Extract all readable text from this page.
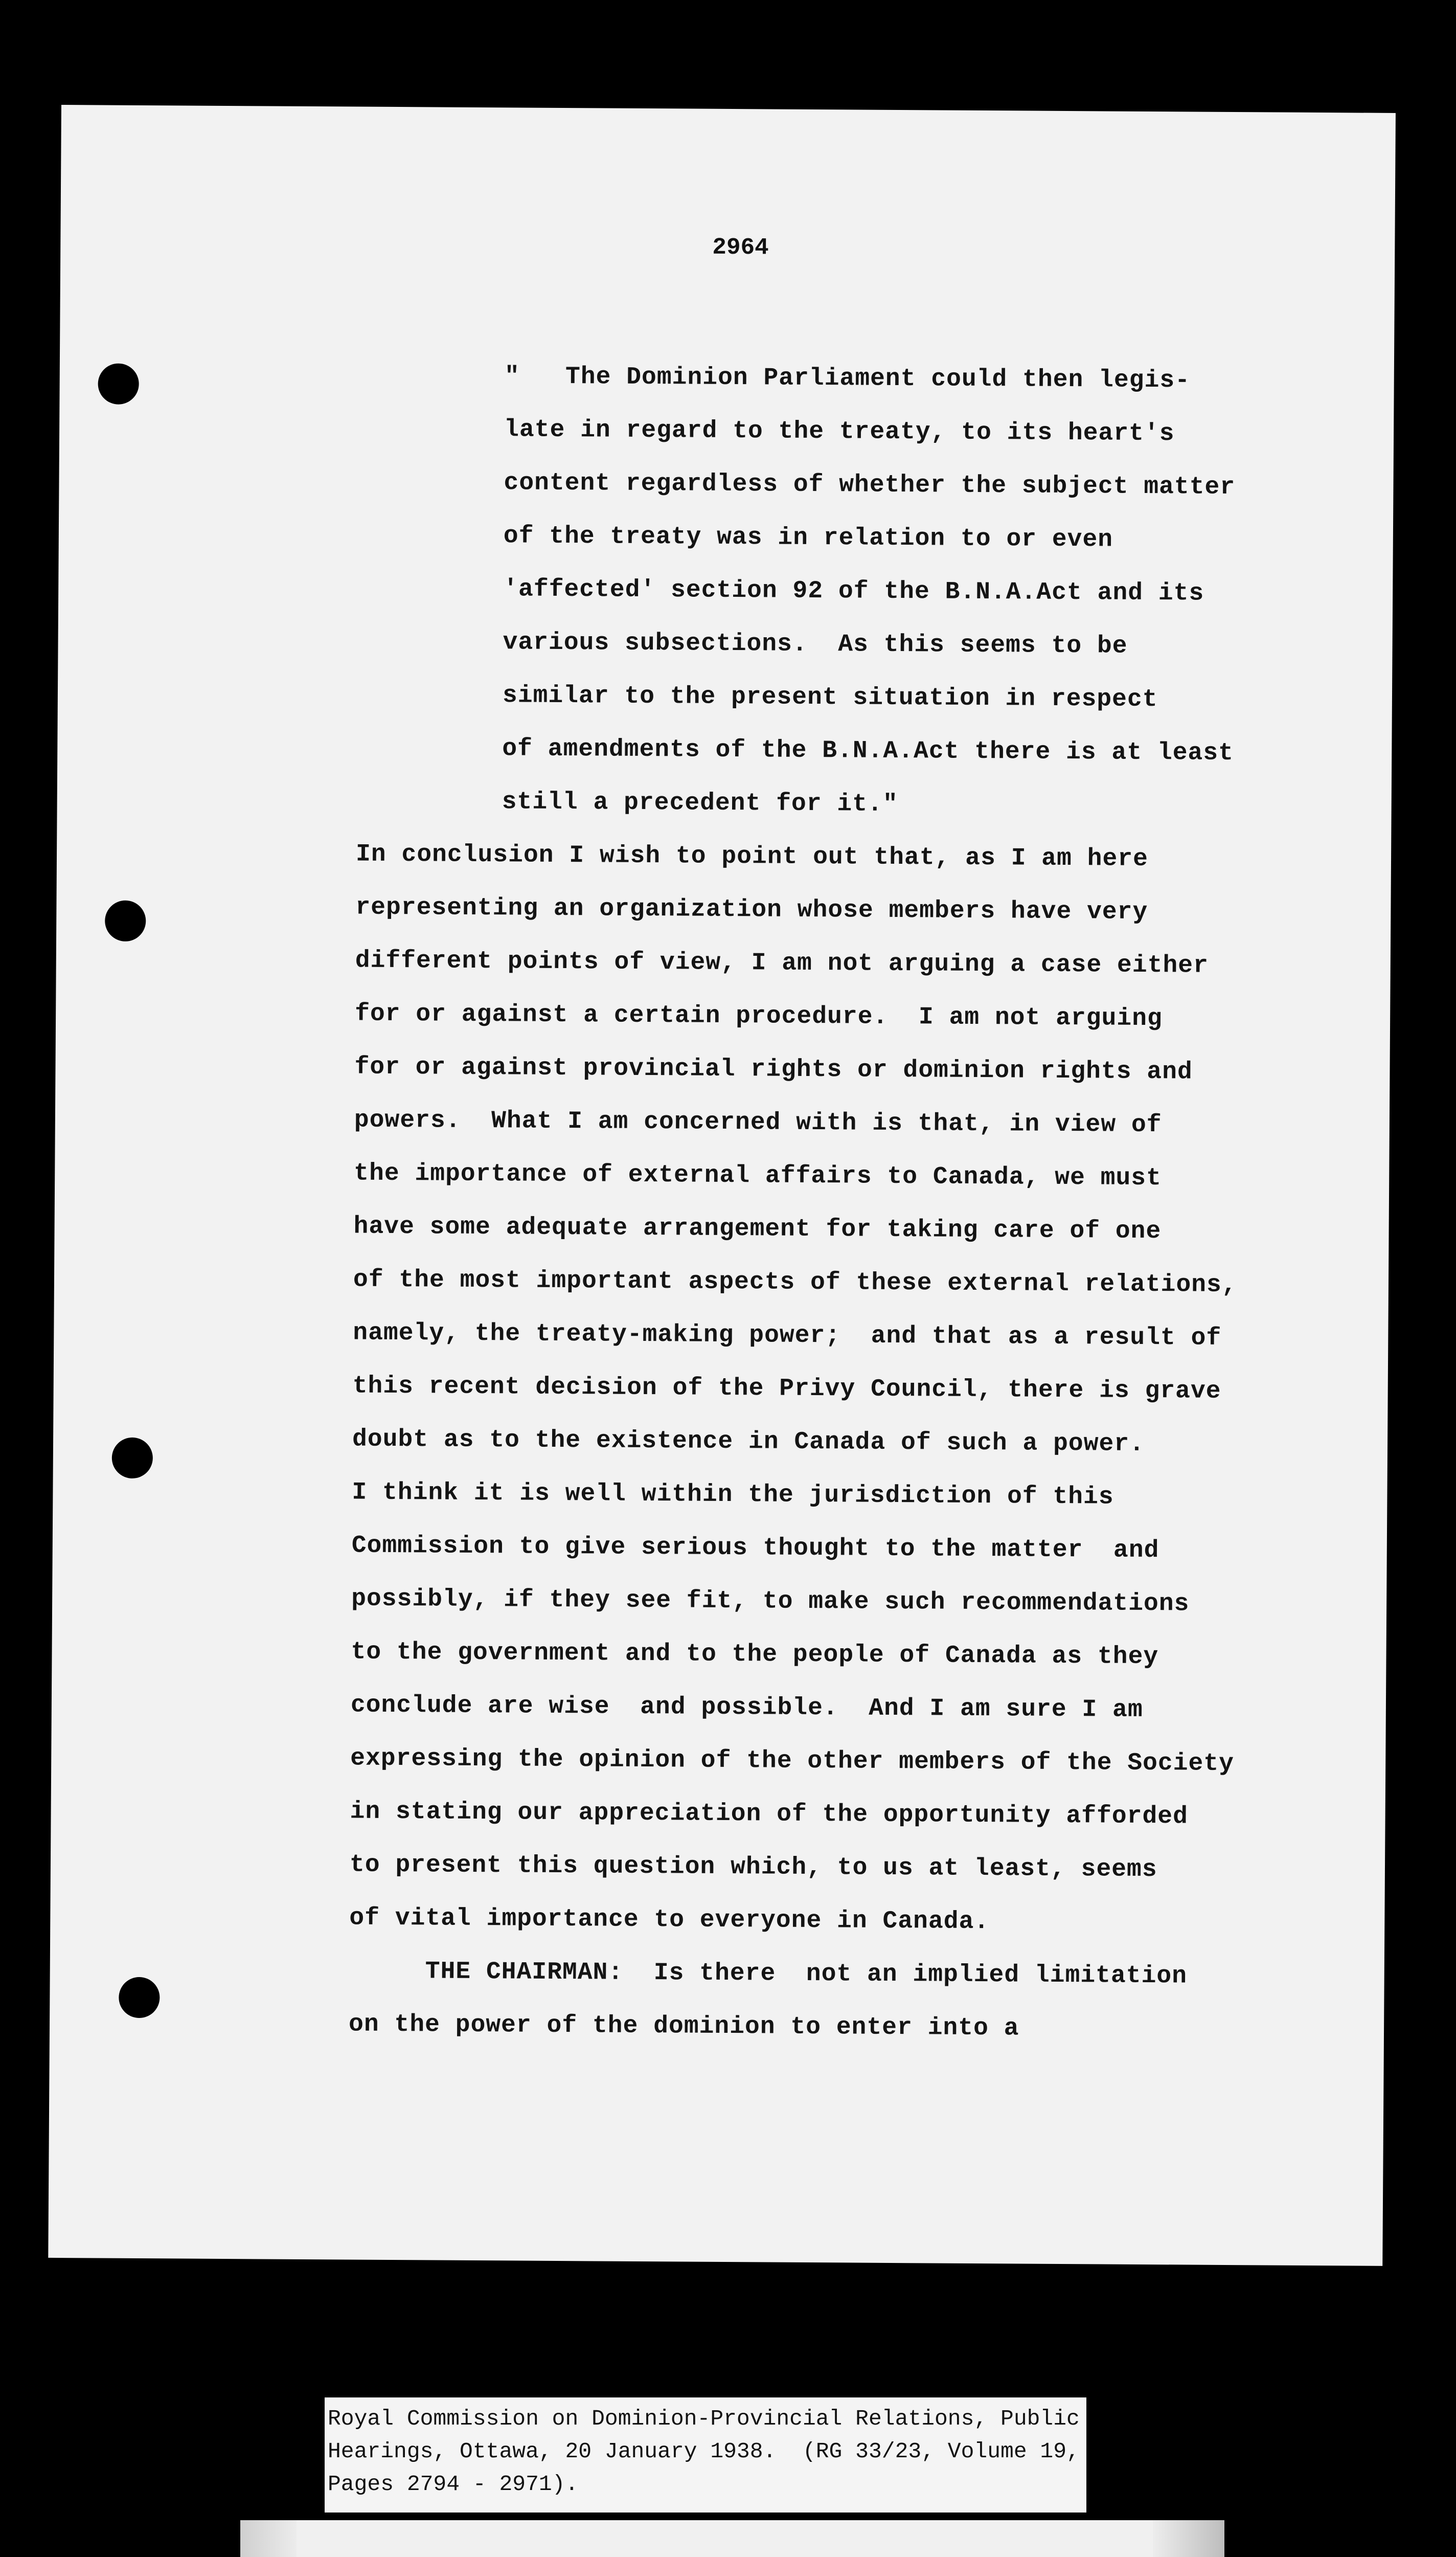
2964
"   The Dominion Parliament could then legis-
late in regard to the treaty, to its heart's
content regardless of whether the subject matter
of the treaty was in relation to or even
'affected' section 92 of the B.N.A.Act and its
various subsections.  As this seems to be
similar to the present situation in respect
of amendments of the B.N.A.Act there is at least
still a precedent for it."
In conclusion I wish to point out that, as I am here
representing an organization whose members have very
different points of view, I am not arguing a case either
for or against a certain procedure.  I am not arguing
for or against provincial rights or dominion rights and
powers.  What I am concerned with is that, in view of
the importance of external affairs to Canada, we must
have some adequate arrangement for taking care of one
of the most important aspects of these external relations,
namely, the treaty-making power;  and that as a result of
this recent decision of the Privy Council, there is grave
doubt as to the existence in Canada of such a power.
I think it is well within the jurisdiction of this
Commission to give serious thought to the matter  and
possibly, if they see fit, to make such recommendations
to the government and to the people of Canada as they
conclude are wise  and possible.  And I am sure I am
expressing the opinion of the other members of the Society
in stating our appreciation of the opportunity afforded
to present this question which, to us at least, seems
of vital importance to everyone in Canada.
THE CHAIRMAN:  Is there  not an implied limitation
on the power of the dominion to enter into a
Royal Commission on Dominion-Provincial Relations, Public
Hearings, Ottawa, 20 January 1938.  (RG 33/23, Volume 19,
Pages 2794 - 2971).
